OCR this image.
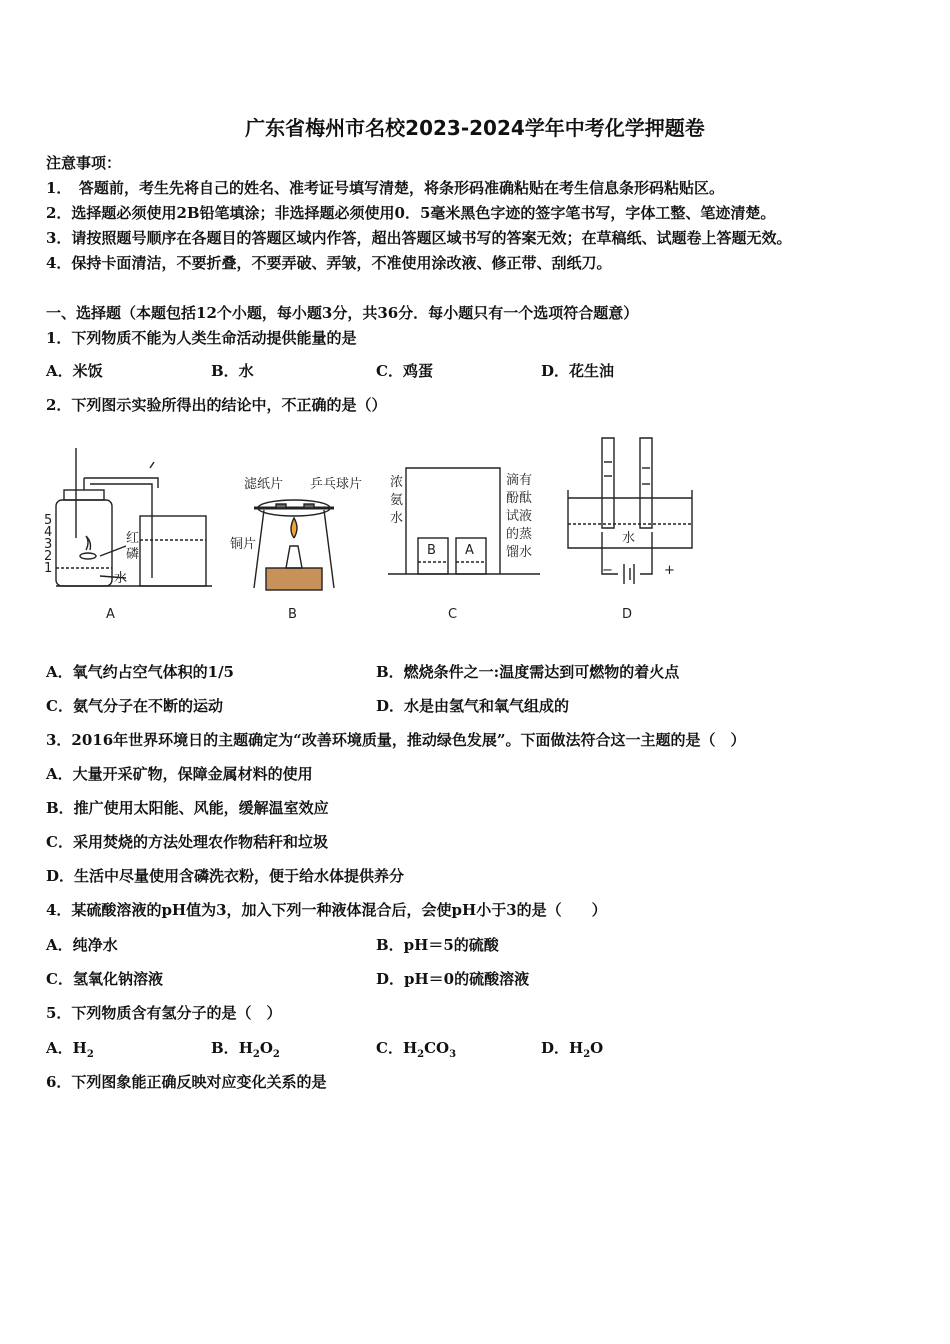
广东省梅州市名校2023-2024学年中考化学押题卷
注意事项：
1．　答题前，考生先将自己的姓名、准考证号填写清楚，将条形码准确粘贴在考生信息条形码粘贴区。
2．选择题必须使用2B铅笔填涂；非选择题必须使用0．5毫米黑色字迹的签字笔书写，字体工整、笔迹清楚。
3．请按照题号顺序在各题目的答题区域内作答，超出答题区域书写的答案无效；在草稿纸、试题卷上答题无效。
4．保持卡面清洁，不要折叠，不要弄破、弄皱，不准使用涂改液、修正带、刮纸刀。
一、选择题（本题包括12个小题，每小题3分，共36分．每小题只有一个选项符合题意）
1．下列物质不能为人类生命活动提供能量的是
A．米饭	B．水	C．鸡蛋	D．花生油
2．下列图示实验所得出的结论中，不正确的是（）
5
4
3
2
1
红
磷
水
滤纸片 乒乓球片
铜片
浓
氨
水
滴有
酚酞
试液
的蒸
馏水
B A
水
−	+
A	B	C	D
A．氧气约占空气体积的1/5	B．燃烧条件之一:温度需达到可燃物的着火点
C．氨气分子在不断的运动	D．水是由氢气和氧气组成的
3．2016年世界环境日的主题确定为“改善环境质量，推动绿色发展”。下面做法符合这一主题的是（　）
A．大量开采矿物，保障金属材料的使用
B．推广使用太阳能、风能，缓解温室效应
C．采用焚烧的方法处理农作物秸秆和垃圾
D．生活中尽量使用含磷洗衣粉，便于给水体提供养分
4．某硫酸溶液的pH值为3，加入下列一种液体混合后，会使pH小于3的是（　　）
A．纯净水	B．pH＝5的硫酸
C．氢氧化钠溶液	D．pH＝0的硫酸溶液
5．下列物质含有氢分子的是（　）
A．$H_2$	B．$H_2O_2$	C．$H_2CO_3$	D．$H_2O$
6．下列图象能正确反映对应变化关系的是
